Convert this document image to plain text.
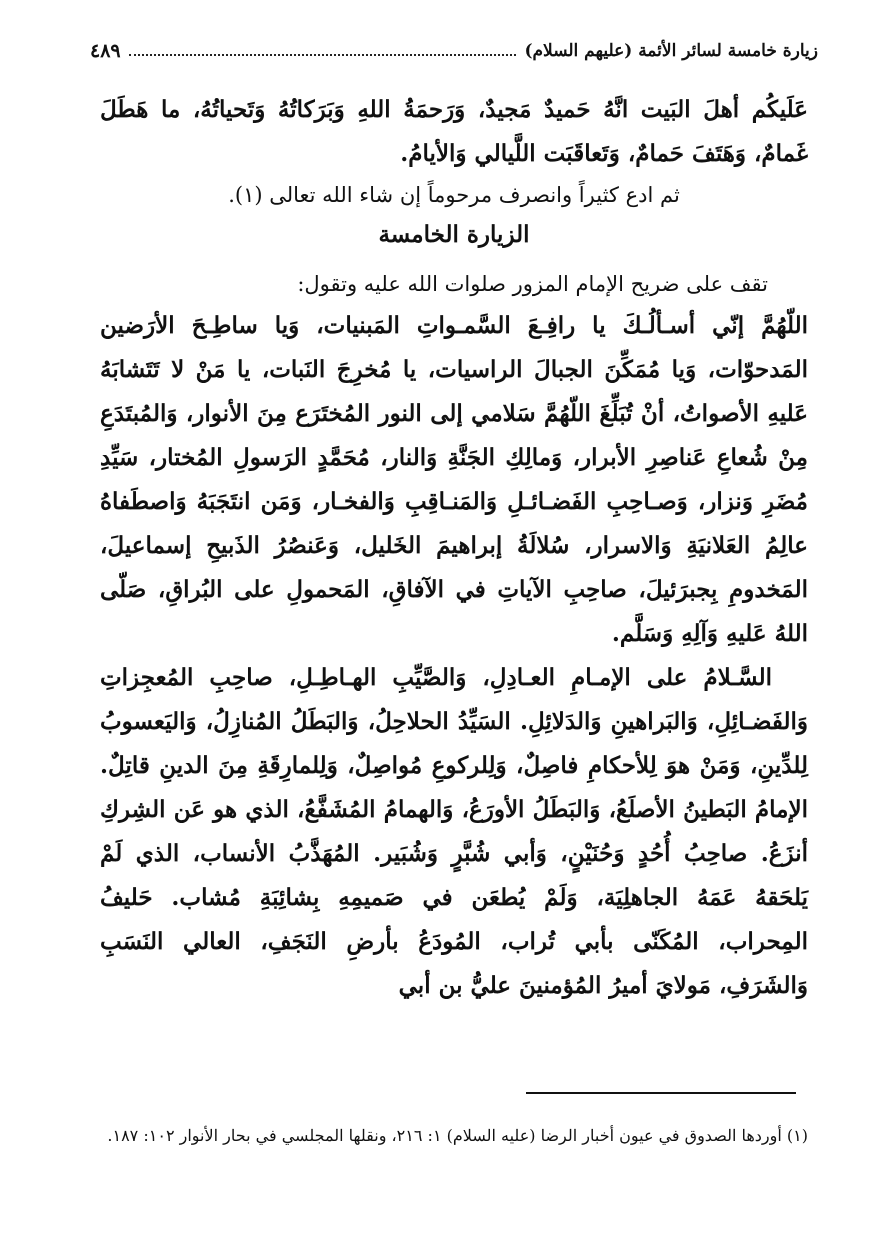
زيارة خامسة لسائر الأئمة (عليهم السلام)
٤٨٩

عَلَيكُم أهلَ البَيت انَّهُ حَميدٌ مَجيدٌ، وَرَحمَةُ اللهِ وَبَرَكاتُهُ وَتَحياتُهُ، ما هَطَلَ غَمامٌ، وَهَتَفَ حَمامٌ، وَتَعاقَبَت اللَّيالي وَالأيامُ.

ثم ادع كثيراً وانصرف مرحوماً إن شاء الله تعالى (١).

الزيارة الخامسة

تقف على ضريح الإمام المزور صلوات الله عليه وتقول:

اللّهُمَّ إنّي أسـألُـكَ يا رافِـعَ السَّمـواتِ المَبنيات، وَيا ساطِـحَ الأرَضين المَدحوّات، وَيا مُمَكِّنَ الجبالَ الراسيات، يا مُخرِجَ النَبات، يا مَنْ لا تَتَشابَهُ عَليهِ الأصواتُ، أنْ تُبَلِّغَ اللّهُمَّ سَلامي إلى النور المُختَرَع مِنَ الأنوار، وَالمُبتَدَعِ مِنْ شُعاعِ عَناصِرِ الأبرار، وَمالِكِ الجَنَّةِ وَالنار، مُحَمَّدٍ الرَسولِ المُختار، سَيِّدِ مُضَرِ وَنزار، وَصـاحِبِ الفَضـائـلِ وَالمَنـاقِبِ وَالفخـار، وَمَن انتَجَبَهُ وَاصطَفاهُ عالِمُ العَلانيَةِ وَالاسرار، سُلالَةُ إبراهيمَ الخَليل، وَعَنصُرُ الذَبيحِ إسماعيلَ، المَخدومِ بِجبرَئيلَ، صاحِبِ الآياتِ في الآفاقِ، المَحمولِ على البُراقِ، صَلّى اللهُ عَليهِ وَآلِهِ وَسَلَّم.

السَّـلامُ على الإمـامِ العـادِلِ، وَالصَّيِّبِ الهـاطِـلِ، صاحِبِ المُعجِزاتِ وَالفَضـائِلِ، وَالبَراهينِ وَالدَلائِلِ. السَيِّدُ الحلاحِلُ، وَالبَطَلُ المُنازِلُ، وَاليَعسوبُ لِلدِّينِ، وَمَنْ هوَ لِلأحكامِ فاصِلٌ، وَلِلركوعِ مُواصِلٌ، وَلِلمارِقَةِ مِنَ الدينِ قاتِلٌ. الإمامُ البَطينُ الأصلَعُ، وَالبَطَلُ الأورَعُ، وَالهمامُ المُشَفَّعُ، الذي هو عَن الشِركِ أنزَعُ. صاحِبُ أُحُدٍ وَحُنَيْنٍ، وَأبي شُبَّرٍ وَشُبَير. المُهَذَّبُ الأنساب، الذي لَمْ يَلحَقهُ عَمَهُ الجاهلِيَة، وَلَمْ يُطعَن في صَميمِهِ بِشائِبَةِ مُشاب. حَليفُ المِحراب، المُكَنّى بأبي تُراب، المُودَعُ بأرضِ النَجَفِ، العالي النَسَبِ وَالشَرَفِ، مَولايَ أميرُ المُؤمنينَ عليُّ بن أبي

(١) أوردها الصدوق في عيون أخبار الرضا (عليه السلام) ١: ٢١٦، ونقلها المجلسي في بحار الأنوار ١٠٢: ١٨٧.
